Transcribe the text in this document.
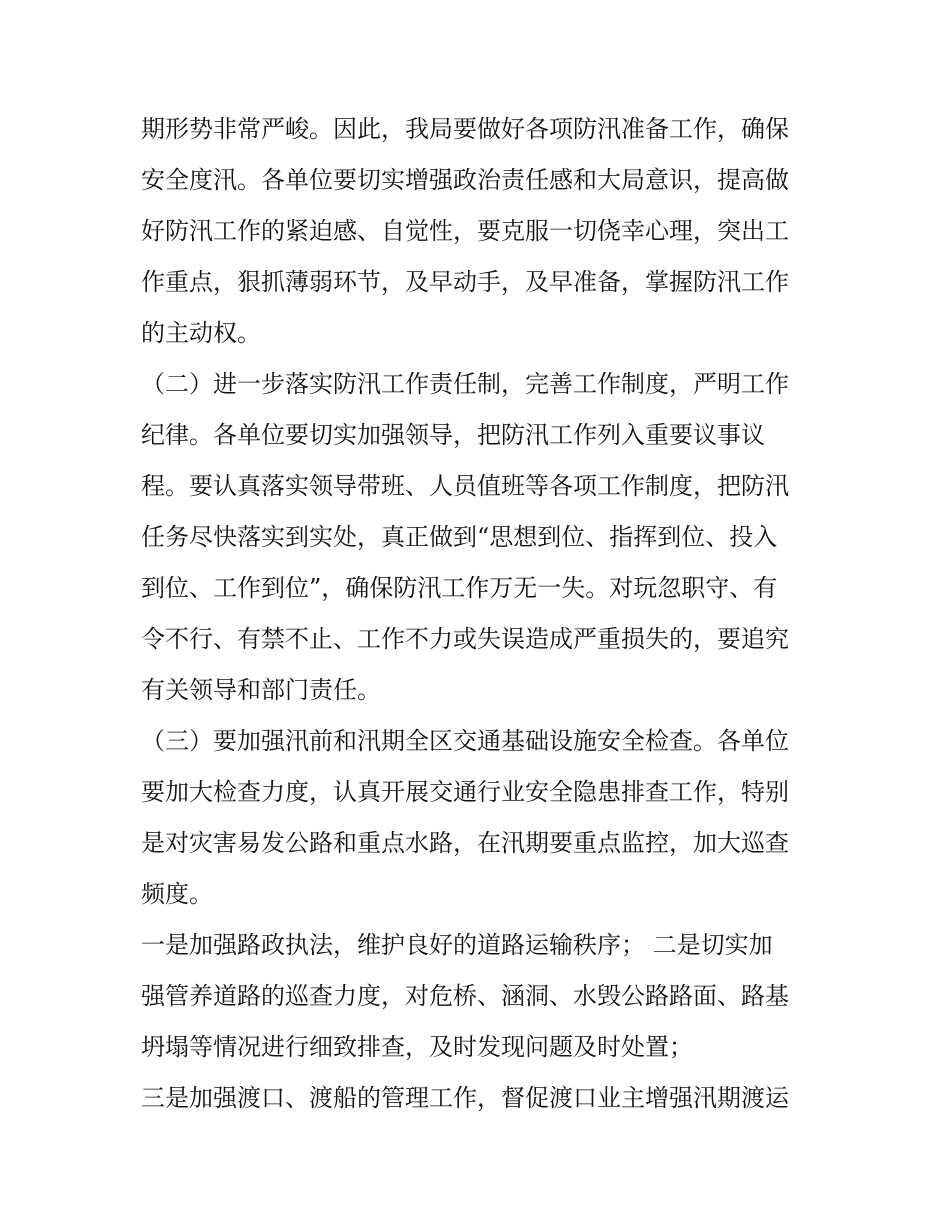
期形势非常严峻。因此，我局要做好各项防汛准备工作，确保
安全度汛。各单位要切实增强政治责任感和大局意识，提高做
好防汛工作的紧迫感、自觉性，要克服一切侥幸心理，突出工
作重点，狠抓薄弱环节，及早动手，及早准备，掌握防汛工作
的主动权。
（二）进一步落实防汛工作责任制，完善工作制度，严明工作
纪律。各单位要切实加强领导，把防汛工作列入重要议事议
程。要认真落实领导带班、人员值班等各项工作制度，把防汛
任务尽快落实到实处，真正做到“思想到位、指挥到位、投入
到位、工作到位”，确保防汛工作万无一失。对玩忽职守、有
令不行、有禁不止、工作不力或失误造成严重损失的，要追究
有关领导和部门责任。
（三）要加强汛前和汛期全区交通基础设施安全检查。各单位
要加大检查力度，认真开展交通行业安全隐患排查工作，特别
是对灾害易发公路和重点水路，在汛期要重点监控，加大巡查
频度。
一是加强路政执法，维护良好的道路运输秩序； 二是切实加
强管养道路的巡查力度，对危桥、涵洞、水毁公路路面、路基
坍塌等情况进行细致排查，及时发现问题及时处置；
三是加强渡口、渡船的管理工作，督促渡口业主增强汛期渡运
